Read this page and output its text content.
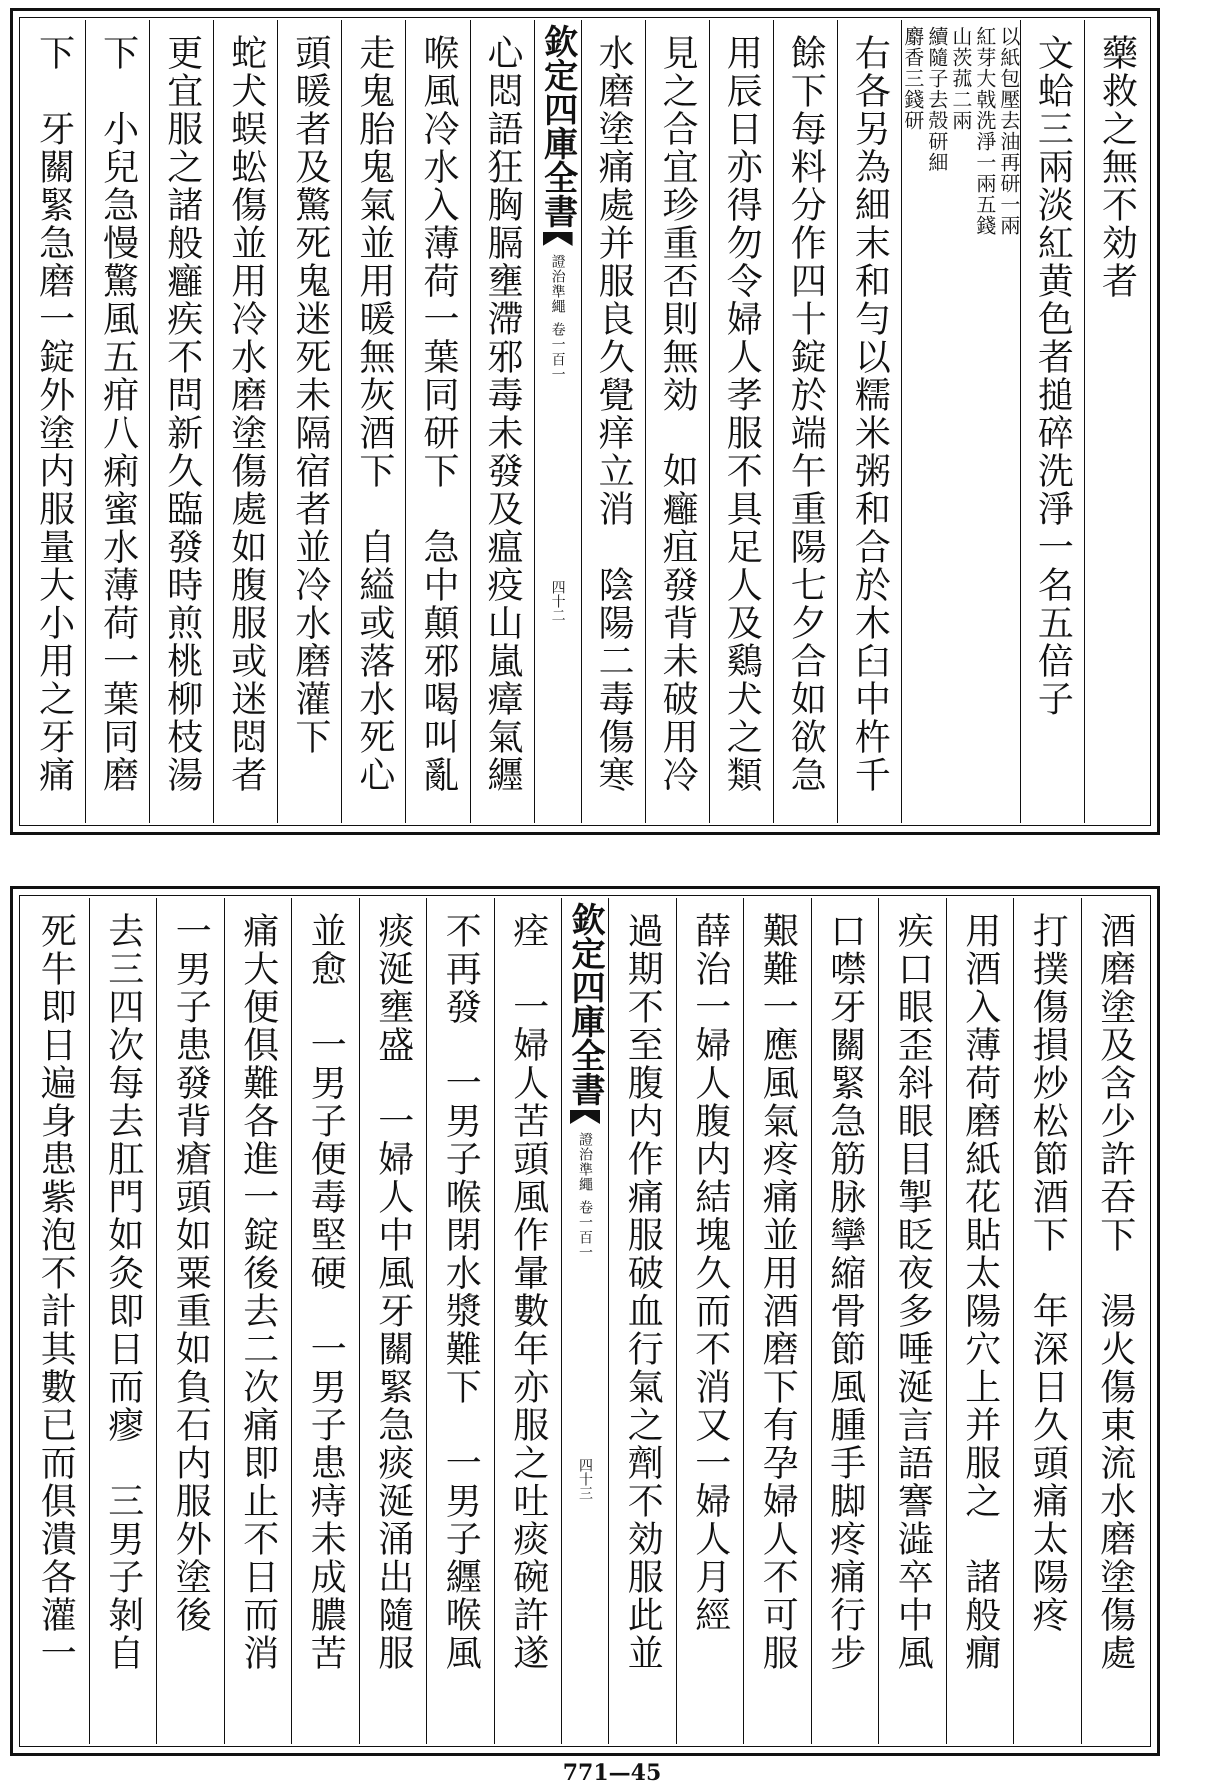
藥救之無不効者
文蛤三兩淡紅黄色者搥碎洗淨一名五倍子
以紙包壓去油再研一兩
紅芽大戟洗淨一兩五錢
山茨菰二兩
續隨子去殻研細
麝香三錢研
右各另為細末和勻以糯米粥和合於木臼中杵千
餘下每料分作四十錠於端午重陽七夕合如欲急
用辰日亦得勿令婦人孝服不具足人及鷄犬之類
見之合宜珍重否則無効　如癰疽發背未破用冷
水磨塗痛處并服良久覺痒立消　陰陽二毒傷寒
欽定四庫全書
證治準繩
卷一百一
四十二
心悶語狂胸膈壅滯邪毒未發及瘟疫山嵐瘴氣纒
喉風冷水入薄荷一葉同研下　急中顛邪喝叫亂
走鬼胎鬼氣並用暖無灰酒下　自縊或落水死心
頭暖者及驚死鬼迷死未隔宿者並冷水磨灌下
蛇犬蜈蚣傷並用冷水磨塗傷處如腹服或迷悶者
更宜服之諸般癰疾不問新久臨發時煎桃柳枝湯
下　小兒急慢驚風五疳八痢蜜水薄荷一葉同磨
下　牙關緊急磨一錠外塗内服量大小用之牙痛
酒磨塗及含少許吞下　湯火傷東流水磨塗傷處
打撲傷損炒松節酒下　年深日久頭痛太陽疼
用酒入薄荷磨紙花貼太陽穴上并服之　諸般癇
疾口眼歪斜眼目掣眨夜多唾涎言語謇澁卒中風
口噤牙關緊急筋脉攣縮骨節風腫手脚疼痛行步
艱難一應風氣疼痛並用酒磨下有孕婦人不可服
薛治一婦人腹内結塊久而不消又一婦人月經
過期不至腹内作痛服破血行氣之劑不効服此並
欽定四庫全書
證治準繩
卷一百一
四十三
痊　一婦人苦頭風作暈數年亦服之吐痰碗許遂
不再發　一男子喉閉水漿難下　一男子纒喉風
痰涎壅盛　一婦人中風牙關緊急痰涎涌出隨服
並愈　一男子便毒堅硬　一男子患痔未成膿苦
痛大便俱難各進一錠後去二次痛即止不日而消
一男子患發背瘡頭如粟重如負石内服外塗後
去三四次每去肛門如灸即日而瘳　三男子剝自
死牛即日遍身患紫泡不計其數已而俱潰各灌一
771—45
